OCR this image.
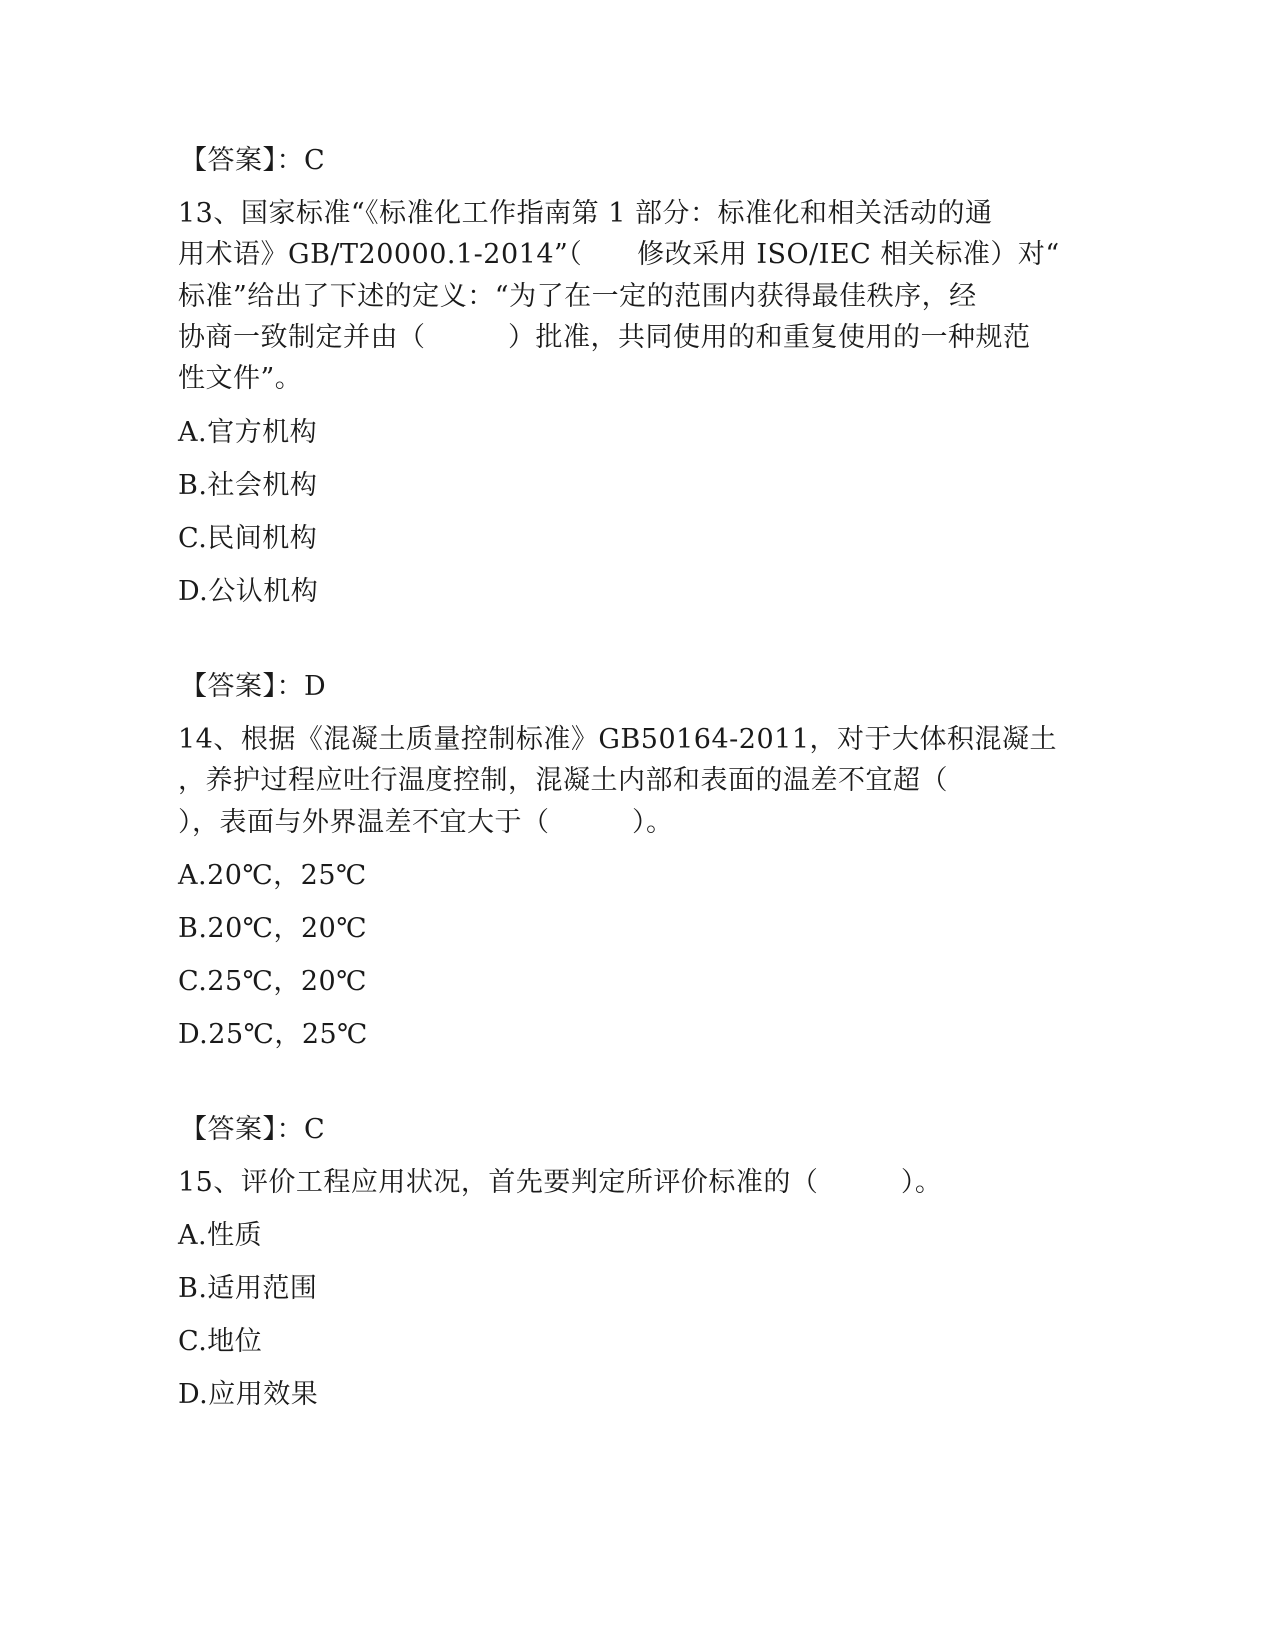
【答案】：C
13、国家标准“《标准化工作指南第 1 部分：标准化和相关活动的通
用术语》GB/T20000.1-2014”（　　修改采用 ISO/IEC 相关标准）对“
标准”给出了下述的定义：“为了在一定的范围内获得最佳秩序，经
协商一致制定并由（　　　）批准，共同使用的和重复使用的一种规范
性文件”。
A.官方机构
B.社会机构
C.民间机构
D.公认机构
【答案】：D
14、根据《混凝土质量控制标准》GB50164-2011，对于大体积混凝土
，养护过程应吐行温度控制，混凝土内部和表面的温差不宜超（
），表面与外界温差不宜大于（　　　）。
A.20℃，25℃
B.20℃，20℃
C.25℃，20℃
D.25℃，25℃
【答案】：C
15、评价工程应用状况，首先要判定所评价标准的（　　　）。
A.性质
B.适用范围
C.地位
D.应用效果
